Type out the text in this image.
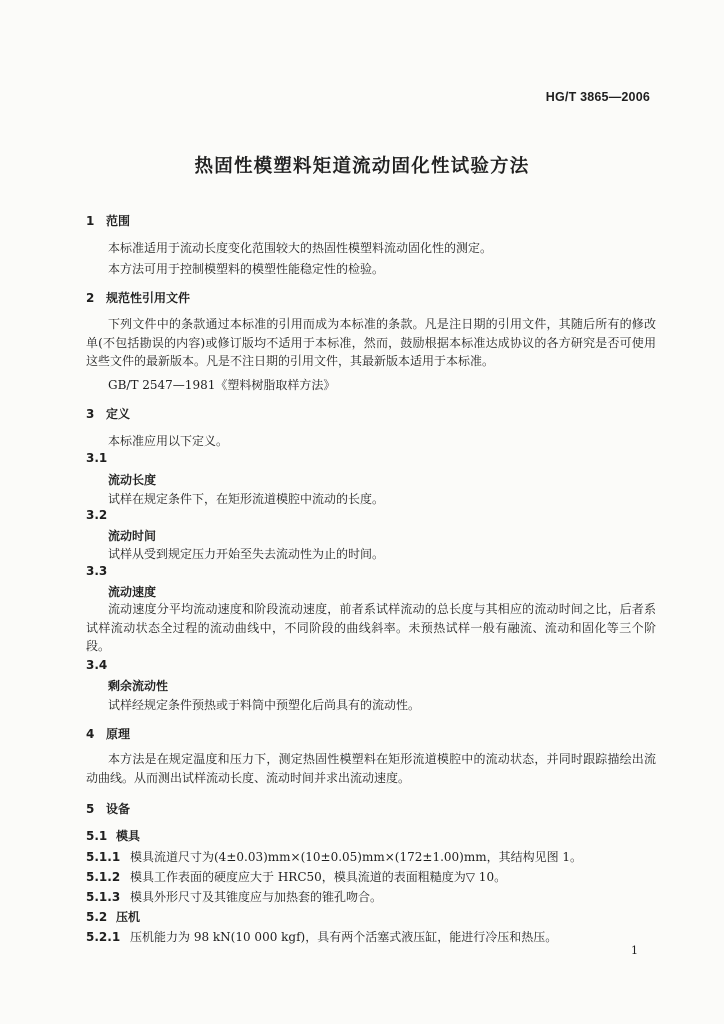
HG/T 3865—2006
热固性模塑料矩道流动固化性试验方法
1 范围
本标准适用于流动长度变化范围较大的热固性模塑料流动固化性的测定。
本方法可用于控制模塑料的模塑性能稳定性的检验。
2 规范性引用文件
下列文件中的条款通过本标准的引用而成为本标准的条款。凡是注日期的引用文件，其随后所有的修改单(不包括勘误的内容)或修订版均不适用于本标准，然而，鼓励根据本标准达成协议的各方研究是否可使用这些文件的最新版本。凡是不注日期的引用文件，其最新版本适用于本标准。
GB/T 2547—1981《塑料树脂取样方法》
3 定义
本标准应用以下定义。
3.1
流动长度
试样在规定条件下，在矩形流道模腔中流动的长度。
3.2
流动时间
试样从受到规定压力开始至失去流动性为止的时间。
3.3
流动速度
流动速度分平均流动速度和阶段流动速度，前者系试样流动的总长度与其相应的流动时间之比，后者系试样流动状态全过程的流动曲线中，不同阶段的曲线斜率。未预热试样一般有融流、流动和固化等三个阶段。
3.4
剩余流动性
试样经规定条件预热或于料筒中预塑化后尚具有的流动性。
4 原理
本方法是在规定温度和压力下，测定热固性模塑料在矩形流道模腔中的流动状态，并同时跟踪描绘出流动曲线。从而测出试样流动长度、流动时间并求出流动速度。
5 设备
5.1 模具
5.1.1 模具流道尺寸为(4±0.03)mm×(10±0.05)mm×(172±1.00)mm，其结构见图 1。
5.1.2 模具工作表面的硬度应大于 HRC50，模具流道的表面粗糙度为▽ 10。
5.1.3 模具外形尺寸及其锥度应与加热套的锥孔吻合。
5.2 压机
5.2.1 压机能力为 98 kN(10 000 kgf)，具有两个活塞式液压缸，能进行冷压和热压。
1
